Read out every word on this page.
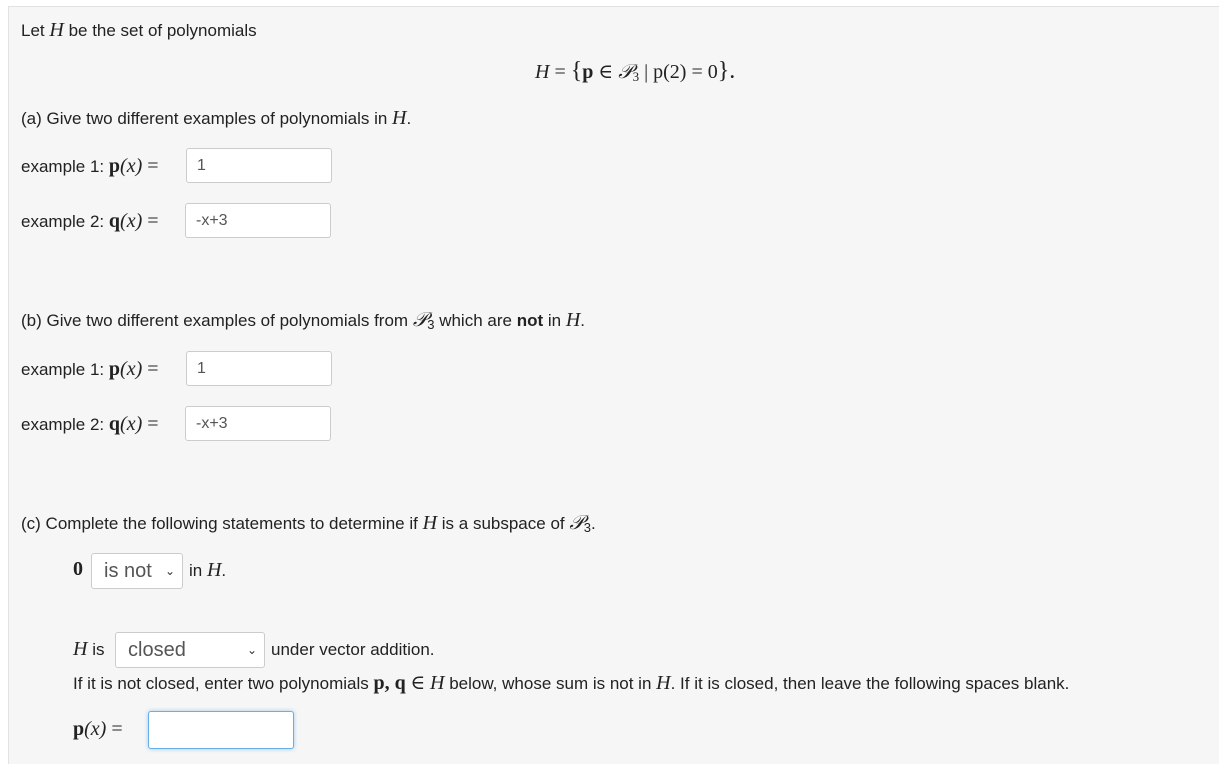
Let H be the set of polynomials
H = {p ∈ 𝒫$_3$ | p(2) = 0}.
(a) Give two different examples of polynomials in H.
example 1: p(x) =	1
example 2: q(x) =	-x+3
(b) Give two different examples of polynomials from 𝒫$_3$ which are not in H.
example 1: p(x) =	1
example 2: q(x) =	-x+3
(c) Complete the following statements to determine if H is a subspace of 𝒫$_3$.
0	is not ⌄ in H.
H is	closed	⌄ under vector addition.
If it is not closed, enter two polynomials p, q ∈ H below, whose sum is not in H. If it is closed, then leave the following spaces blank.
p(x) =
